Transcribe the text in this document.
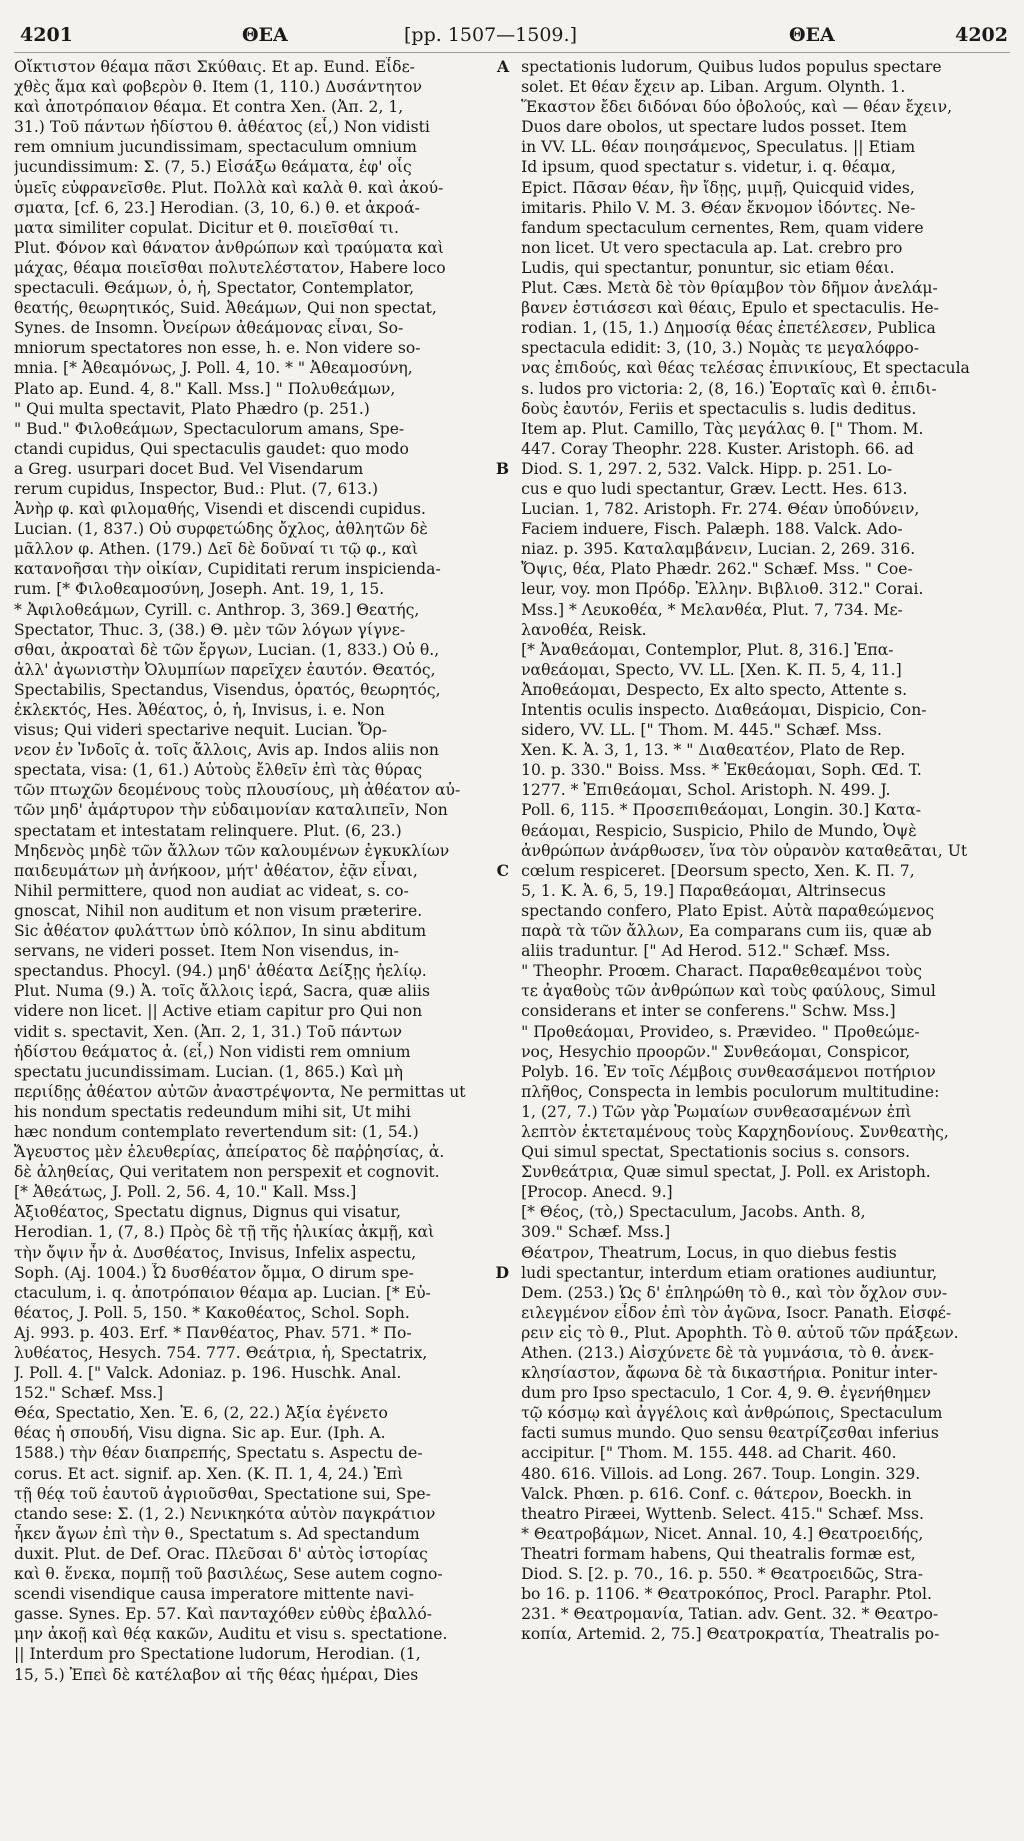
4201	ΘΕΑ	[pp. 1507—1509.]	ΘΕΑ	4202
A
B
C
D
Οἴκτιστον θέαμα πᾶσι Σκύθαις. Et ap. Eund. Εἶδε-
χθὲς ἅμα καὶ φοβερὸν θ. Item (1, 110.) Δυσάντητον
καὶ ἀποτρόπαιον θέαμα. Et contra Xen. (Ἀπ. 2, 1,
31.) Τοῦ πάντων ἡδίστου θ. ἀθέατος (εἶ,) Non vidisti
rem omnium jucundissimam, spectaculum omnium
jucundissimum: Σ. (7, 5.) Εἰσάξω θεάματα, ἐφ' οἷς
ὑμεῖς εὐφρανεῖσθε. Plut. Πολλὰ καὶ καλὰ θ. καὶ ἀκού-
σματα, [cf. 6, 23.] Herodian. (3, 10, 6.) θ. et ἀκροά-
ματα similiter copulat. Dicitur et θ. ποιεῖσθαί τι.
Plut. Φόνον καὶ θάνατον ἀνθρώπων καὶ τραύματα καὶ
μάχας, θέαμα ποιεῖσθαι πολυτελέστατον, Habere loco
spectaculi. Θεάμων, ὁ, ἡ, Spectator, Contemplator,
θεατής, θεωρητικός, Suid. Ἀθεάμων, Qui non spectat,
Synes. de Insomn. Ὀνείρων ἀθεάμονας εἶναι, So-
mniorum spectatores non esse, h. e. Non videre so-
mnia. [* Ἀθεαμόνως, J. Poll. 4, 10. * " Ἀθεαμοσύνη,
Plato ap. Eund. 4, 8." Kall. Mss.] " Πολυθεάμων,
" Qui multa spectavit, Plato Phædro (p. 251.)
" Bud." Φιλοθεάμων, Spectaculorum amans, Spe-
ctandi cupidus, Qui spectaculis gaudet: quo modo
a Greg. usurpari docet Bud. Vel Visendarum
rerum cupidus, Inspector, Bud.: Plut. (7, 613.)
Ἀνὴρ φ. καὶ φιλομαθής, Visendi et discendi cupidus.
Lucian. (1, 837.) Οὐ συρφετώδης ὄχλος, ἀθλητῶν δὲ
μᾶλλον φ. Athen. (179.) Δεῖ δὲ δοῦναί τι τῷ φ., καὶ
κατανοῆσαι τὴν οἰκίαν, Cupiditati rerum inspicienda-
rum. [* Φιλοθεαμοσύνη, Joseph. Ant. 19, 1, 15.
* Ἀφιλοθεάμων, Cyrill. c. Anthrop. 3, 369.] Θεατής,
Spectator, Thuc. 3, (38.) Θ. μὲν τῶν λόγων γίγνε-
σθαι, ἀκροαταὶ δὲ τῶν ἔργων, Lucian. (1, 833.) Οὐ θ.,
ἀλλ' ἀγωνιστὴν Ὀλυμπίων παρεῖχεν ἑαυτόν. Θεατός,
Spectabilis, Spectandus, Visendus, ὁρατός, θεωρητός,
ἐκλεκτός, Hes. Ἀθέατος, ὁ, ἡ, Invisus, i. e. Non
visus; Qui videri spectarive nequit. Lucian. Ὄρ-
νεον ἐν Ἰνδοῖς ἀ. τοῖς ἄλλοις, Avis ap. Indos aliis non
spectata, visa: (1, 61.) Αὐτοὺς ἔλθεῖν ἐπὶ τὰς θύρας
τῶν πτωχῶν δεομένους τοὺς πλουσίους, μὴ ἀθέατον αὐ-
τῶν μηδ' ἀμάρτυρον τὴν εὐδαιμονίαν καταλιπεῖν, Non
spectatam et intestatam relinquere. Plut. (6, 23.)
Μηδενὸς μηδὲ τῶν ἄλλων τῶν καλουμένων ἐγκυκλίων
παιδευμάτων μὴ ἀνήκοον, μήτ' ἀθέατον, ἐᾷν εἶναι,
Nihil permittere, quod non audiat ac videat, s. co-
gnoscat, Nihil non auditum et non visum præterire.
Sic ἀθέατον φυλάττων ὑπὸ κόλπον, In sinu abditum
servans, ne videri posset. Item Non visendus, in-
spectandus. Phocyl. (94.) μηδ' ἀθέατα Δείξῃς ἠελίῳ.
Plut. Numa (9.) Ἀ. τοῖς ἄλλοις ἱερά, Sacra, quæ aliis
videre non licet. || Active etiam capitur pro Qui non
vidit s. spectavit, Xen. (Ἀπ. 2, 1, 31.) Τοῦ πάντων
ἡδίστου θεάματος ἀ. (εἶ,) Non vidisti rem omnium
spectatu jucundissimam. Lucian. (1, 865.) Καὶ μὴ
περιίδῃς ἀθέατον αὐτῶν ἀναστρέψοντα, Ne permittas ut
his nondum spectatis redeundum mihi sit, Ut mihi
hæc nondum contemplato revertendum sit: (1, 54.)
Ἄγευστος μὲν ἐλευθερίας, ἀπείρατος δὲ παῤῥησίας, ἀ.
δὲ ἀληθείας, Qui veritatem non perspexit et cognovit.
[* Ἀθεάτως, J. Poll. 2, 56. 4, 10." Kall. Mss.]
Ἀξιοθέατος, Spectatu dignus, Dignus qui visatur,
Herodian. 1, (7, 8.) Πρὸς δὲ τῇ τῆς ἡλικίας ἀκμῇ, καὶ
τὴν ὄψιν ἦν ἀ. Δυσθέατος, Invisus, Infelix aspectu,
Soph. (Aj. 1004.) Ὦ δυσθέατον ὄμμα, O dirum spe-
ctaculum, i. q. ἀποτρόπαιον θέαμα ap. Lucian. [* Εὐ-
θέατος, J. Poll. 5, 150. * Κακοθέατος, Schol. Soph.
Aj. 993. p. 403. Erf. * Πανθέατος, Phav. 571. * Πο-
λυθέατος, Hesych. 754. 777. Θεάτρια, ἡ, Spectatrix,
J. Poll. 4. [" Valck. Adoniaz. p. 196. Huschk. Anal.
152." Schæf. Mss.]
Θέα, Spectatio, Xen. Ἐ. 6, (2, 22.) Ἀξία ἐγένετο
θέας ἡ σπουδή, Visu digna. Sic ap. Eur. (Iph. A.
1588.) τὴν θέαν διαπρεπής, Spectatu s. Aspectu de-
corus. Et act. signif. ap. Xen. (K. Π. 1, 4, 24.) Ἐπὶ
τῇ θέᾳ τοῦ ἑαυτοῦ ἀγριοῦσθαι, Spectatione sui, Spe-
ctando sese: Σ. (1, 2.) Νενικηκότα αὐτὸν παγκράτιον
ἦκεν ἄγων ἐπὶ τὴν θ., Spectatum s. Ad spectandum
duxit. Plut. de Def. Orac. Πλεῦσαι δ' αὐτὸς ἱστορίας
καὶ θ. ἕνεκα, πομπῇ τοῦ βασιλέως, Sese autem cogno-
scendi visendique causa imperatore mittente navi-
gasse. Synes. Ep. 57. Καὶ πανταχόθεν εὐθὺς ἐβαλλό-
μην ἀκοῇ καὶ θέᾳ κακῶν, Auditu et visu s. spectatione.
|| Interdum pro Spectatione ludorum, Herodian. (1,
15, 5.) Ἐπεὶ δὲ κατέλαβον αἱ τῆς θέας ἡμέραι, Dies
spectationis ludorum, Quibus ludos populus spectare
solet. Et θέαν ἔχειν ap. Liban. Argum. Olynth. 1.
Ἕκαστον ἔδει διδόναι δύο ὀβολούς, καὶ — θέαν ἔχειν,
Duos dare obolos, ut spectare ludos posset. Item
in VV. LL. θέαν ποιησάμενος, Speculatus. || Etiam
Id ipsum, quod spectatur s. videtur, i. q. θέαμα,
Epict. Πᾶσαν θέαν, ἣν ἴδῃς, μιμῇ, Quicquid vides,
imitaris. Philo V. M. 3. Θέαν ἔκνομον ἰδόντες. Ne-
fandum spectaculum cernentes, Rem, quam videre
non licet. Ut vero spectacula ap. Lat. crebro pro
Ludis, qui spectantur, ponuntur, sic etiam θέαι.
Plut. Cæs. Μετὰ δὲ τὸν θρίαμβον τὸν δῆμον ἀνελάμ-
βανεν ἑστιάσεσι καὶ θέαις, Epulo et spectaculis. He-
rodian. 1, (15, 1.) Δημοσίᾳ θέας ἐπετέλεσεν, Publica
spectacula edidit: 3, (10, 3.) Νομὰς τε μεγαλόφρο-
νας ἐπιδούς, καὶ θέας τελέσας ἐπινικίους, Et spectacula
s. ludos pro victoria: 2, (8, 16.) Ἑορταῖς καὶ θ. ἐπιδι-
δοὺς ἑαυτόν, Feriis et spectaculis s. ludis deditus.
Item ap. Plut. Camillo, Τὰς μεγάλας θ. [" Thom. M.
447. Coray Theophr. 228. Kuster. Aristoph. 66. ad
Diod. S. 1, 297. 2, 532. Valck. Hipp. p. 251. Lo-
cus e quo ludi spectantur, Græv. Lectt. Hes. 613.
Lucian. 1, 782. Aristoph. Fr. 274. Θέαν ὑποδύνειν,
Faciem induere, Fisch. Palæph. 188. Valck. Ado-
niaz. p. 395. Καταλαμβάνειν, Lucian. 2, 269. 316.
Ὄψις, θέα, Plato Phædr. 262." Schæf. Mss. " Coe-
leur, voy. mon Πρόδρ. Ἑλλην. Βιβλιοθ. 312." Corai.
Mss.] * Λευκοθέα, * Μελανθέα, Plut. 7, 734. Με-
λανοθέα, Reisk.
[* Ἀναθεάομαι, Contemplor, Plut. 8, 316.] Ἐπα-
ναθεάομαι, Specto, VV. LL. [Xen. K. Π. 5, 4, 11.]
Ἀποθεάομαι, Despecto, Ex alto specto, Attente s.
Intentis oculis inspecto. Διαθεάομαι, Dispicio, Con-
sidero, VV. LL. [" Thom. M. 445." Schæf. Mss.
Xen. K. Ἀ. 3, 1, 13. * " Διαθεατέον, Plato de Rep.
10. p. 330." Boiss. Mss. * Ἐκθεάομαι, Soph. Œd. T.
1277. * Ἐπιθεάομαι, Schol. Aristoph. N. 499. J.
Poll. 6, 115. * Προσεπιθεάομαι, Longin. 30.] Κατα-
θεάομαι, Respicio, Suspicio, Philo de Mundo, Ὀψὲ
ἀνθρώπων ἀνάρθωσεν, ἵνα τὸν οὐρανὸν καταθεᾶται, Ut
cœlum respiceret. [Deorsum specto, Xen. K. Π. 7,
5, 1. K. Ἀ. 6, 5, 19.] Παραθεάομαι, Altrinsecus
spectando confero, Plato Epist. Αὐτὰ παραθεώμενος
παρὰ τὰ τῶν ἄλλων, Ea comparans cum iis, quæ ab
aliis traduntur. [" Ad Herod. 512." Schæf. Mss.
" Theophr. Proœm. Charact. Παραθεθεαμένοι τοὺς
τε ἀγαθοὺς τῶν ἀνθρώπων καὶ τοὺς φαύλους, Simul
considerans et inter se conferens." Schw. Mss.]
" Προθεάομαι, Provideo, s. Prævideo. " Προθεώμε-
νος, Hesychio προορῶν." Συνθεάομαι, Conspicor,
Polyb. 16. Ἐν τοῖς Λέμβοις συνθεασάμενοι ποτήριον
πλῆθος, Conspecta in lembis poculorum multitudine:
1, (27, 7.) Τῶν γὰρ Ῥωμαίων συνθεασαμένων ἐπὶ
λεπτὸν ἐκτεταμένους τοὺς Καρχηδονίους. Συνθεατὴς,
Qui simul spectat, Spectationis socius s. consors.
Συνθεάτρια, Quæ simul spectat, J. Poll. ex Aristoph.
[Procop. Anecd. 9.]
[* Θέος, (τὸ,) Spectaculum, Jacobs. Anth. 8,
309." Schæf. Mss.]
Θέατρον, Theatrum, Locus, in quo diebus festis
ludi spectantur, interdum etiam orationes audiuntur,
Dem. (253.) Ὡς δ' ἐπληρώθη τὸ θ., καὶ τὸν ὄχλον συν-
ειλεγμένον εἶδον ἐπὶ τὸν ἀγῶνα, Isocr. Panath. Εἰσφέ-
ρειν εἰς τὸ θ., Plut. Apophth. Τὸ θ. αὐτοῦ τῶν πράξεων.
Athen. (213.) Αἰσχύνετε δὲ τὰ γυμνάσια, τὸ θ. ἀνεκ-
κλησίαστον, ἄφωνα δὲ τὰ δικαστήρια. Ponitur inter-
dum pro Ipso spectaculo, 1 Cor. 4, 9. Θ. ἐγενήθημεν
τῷ κόσμῳ καὶ ἀγγέλοις καὶ ἀνθρώποις, Spectaculum
facti sumus mundo. Quo sensu θεατρίζεσθαι inferius
accipitur. [" Thom. M. 155. 448. ad Charit. 460.
480. 616. Villois. ad Long. 267. Toup. Longin. 329.
Valck. Phœn. p. 616. Conf. c. θάτερον, Boeckh. in
theatro Piræei, Wyttenb. Select. 415." Schæf. Mss.
* Θεατροβάμων, Nicet. Annal. 10, 4.] Θεατροειδής,
Theatri formam habens, Qui theatralis formæ est,
Diod. S. [2. p. 70., 16. p. 550. * Θεατροειδῶς, Stra-
bo 16. p. 1106. * Θεατροκόπος, Procl. Paraphr. Ptol.
231. * Θεατρομανία, Tatian. adv. Gent. 32. * Θεατρο-
κοπία, Artemid. 2, 75.] Θεατροκρατία, Theatralis po-
